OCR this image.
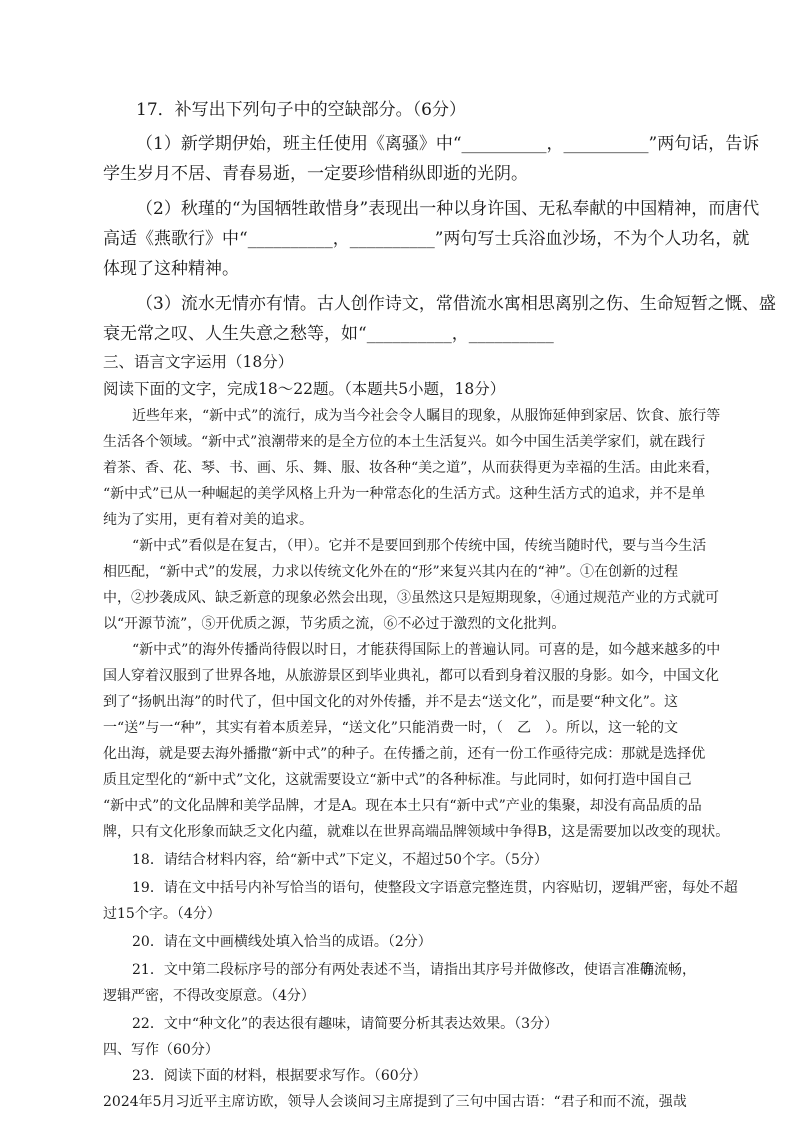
17．补写出下列句子中的空缺部分。（6分）
（1）新学期伊始，班主任使用《离骚》中“__________，__________”两句话，告诉
学生岁月不居、青春易逝，一定要珍惜稍纵即逝的光阴。
（2）秋瑾的“为国牺牲敢惜身”表现出一种以身许国、无私奉献的中国精神，而唐代
高适《燕歌行》中“__________，__________”两句写士兵浴血沙场，不为个人功名，就
体现了这种精神。
（3）流水无情亦有情。古人创作诗文，常借流水寓相思离别之伤、生命短暂之慨、盛
衰无常之叹、人生失意之愁等，如“__________，__________
三、语言文字运用（18分）
阅读下面的文字，完成18～22题。（本题共5小题，18分）
近些年来，“新中式”的流行，成为当今社会令人瞩目的现象，从服饰延伸到家居、饮食、旅行等
生活各个领域。“新中式”浪潮带来的是全方位的本土生活复兴。如今中国生活美学家们，就在践行
着茶、香、花、琴、书、画、乐、舞、服、妆各种“美之道”，从而获得更为幸福的生活。由此来看，
“新中式”已从一种崛起的美学风格上升为一种常态化的生活方式。这种生活方式的追求，并不是单
纯为了实用，更有着对美的追求。
“新中式”看似是在复古，（甲）。它并不是要回到那个传统中国，传统当随时代，要与当今生活
相匹配，“新中式”的发展，力求以传统文化外在的“形”来复兴其内在的“神”。①在创新的过程
中，②抄袭成风、缺乏新意的现象必然会出现，③虽然这只是短期现象，④通过规范产业的方式就可
以“开源节流”，⑤开优质之源，节劣质之流，⑥不必过于激烈的文化批判。
“新中式”的海外传播尚待假以时日，才能获得国际上的普遍认同。可喜的是，如今越来越多的中
国人穿着汉服到了世界各地，从旅游景区到毕业典礼，都可以看到身着汉服的身影。如今，中国文化
到了“扬帆出海”的时代了，但中国文化的对外传播，并不是去“送文化”，而是要“种文化”。这
一“送”与一“种”，其实有着本质差异，“送文化”只能消费一时，（　乙　）。所以，这一轮的文
化出海，就是要去海外播撒“新中式”的种子。在传播之前，还有一份工作亟待完成：那就是选择优
质且定型化的“新中式”文化，这就需要设立“新中式”的各种标准。与此同时，如何打造中国自己
“新中式”的文化品牌和美学品牌，才是A。现在本土只有“新中式”产业的集聚，却没有高品质的品
牌，只有文化形象而缺乏文化内蕴，就难以在世界高端品牌领域中争得B，这是需要加以改变的现状。
18．请结合材料内容，给“新中式”下定义，不超过50个字。（5分）
19．请在文中括号内补写恰当的语句，使整段文字语意完整连贯，内容贴切，逻辑严密，每处不超
过15个字。（4分）
20．请在文中画横线处填入恰当的成语。（2分）
21．文中第二段标序号的部分有两处表述不当，请指出其序号并做修改，使语言准确
等流畅，
逻辑严密，不得改变原意。（4分）
22．文中“种文化”的表达很有趣味，请简要分析其表达效果。（3分）
四、写作（60分）
23．阅读下面的材料，根据要求写作。（60分）
2024年5月习近平主席访欧，领导人会谈间习主席提到了三句中国古语：“君子和而不流，强哉
